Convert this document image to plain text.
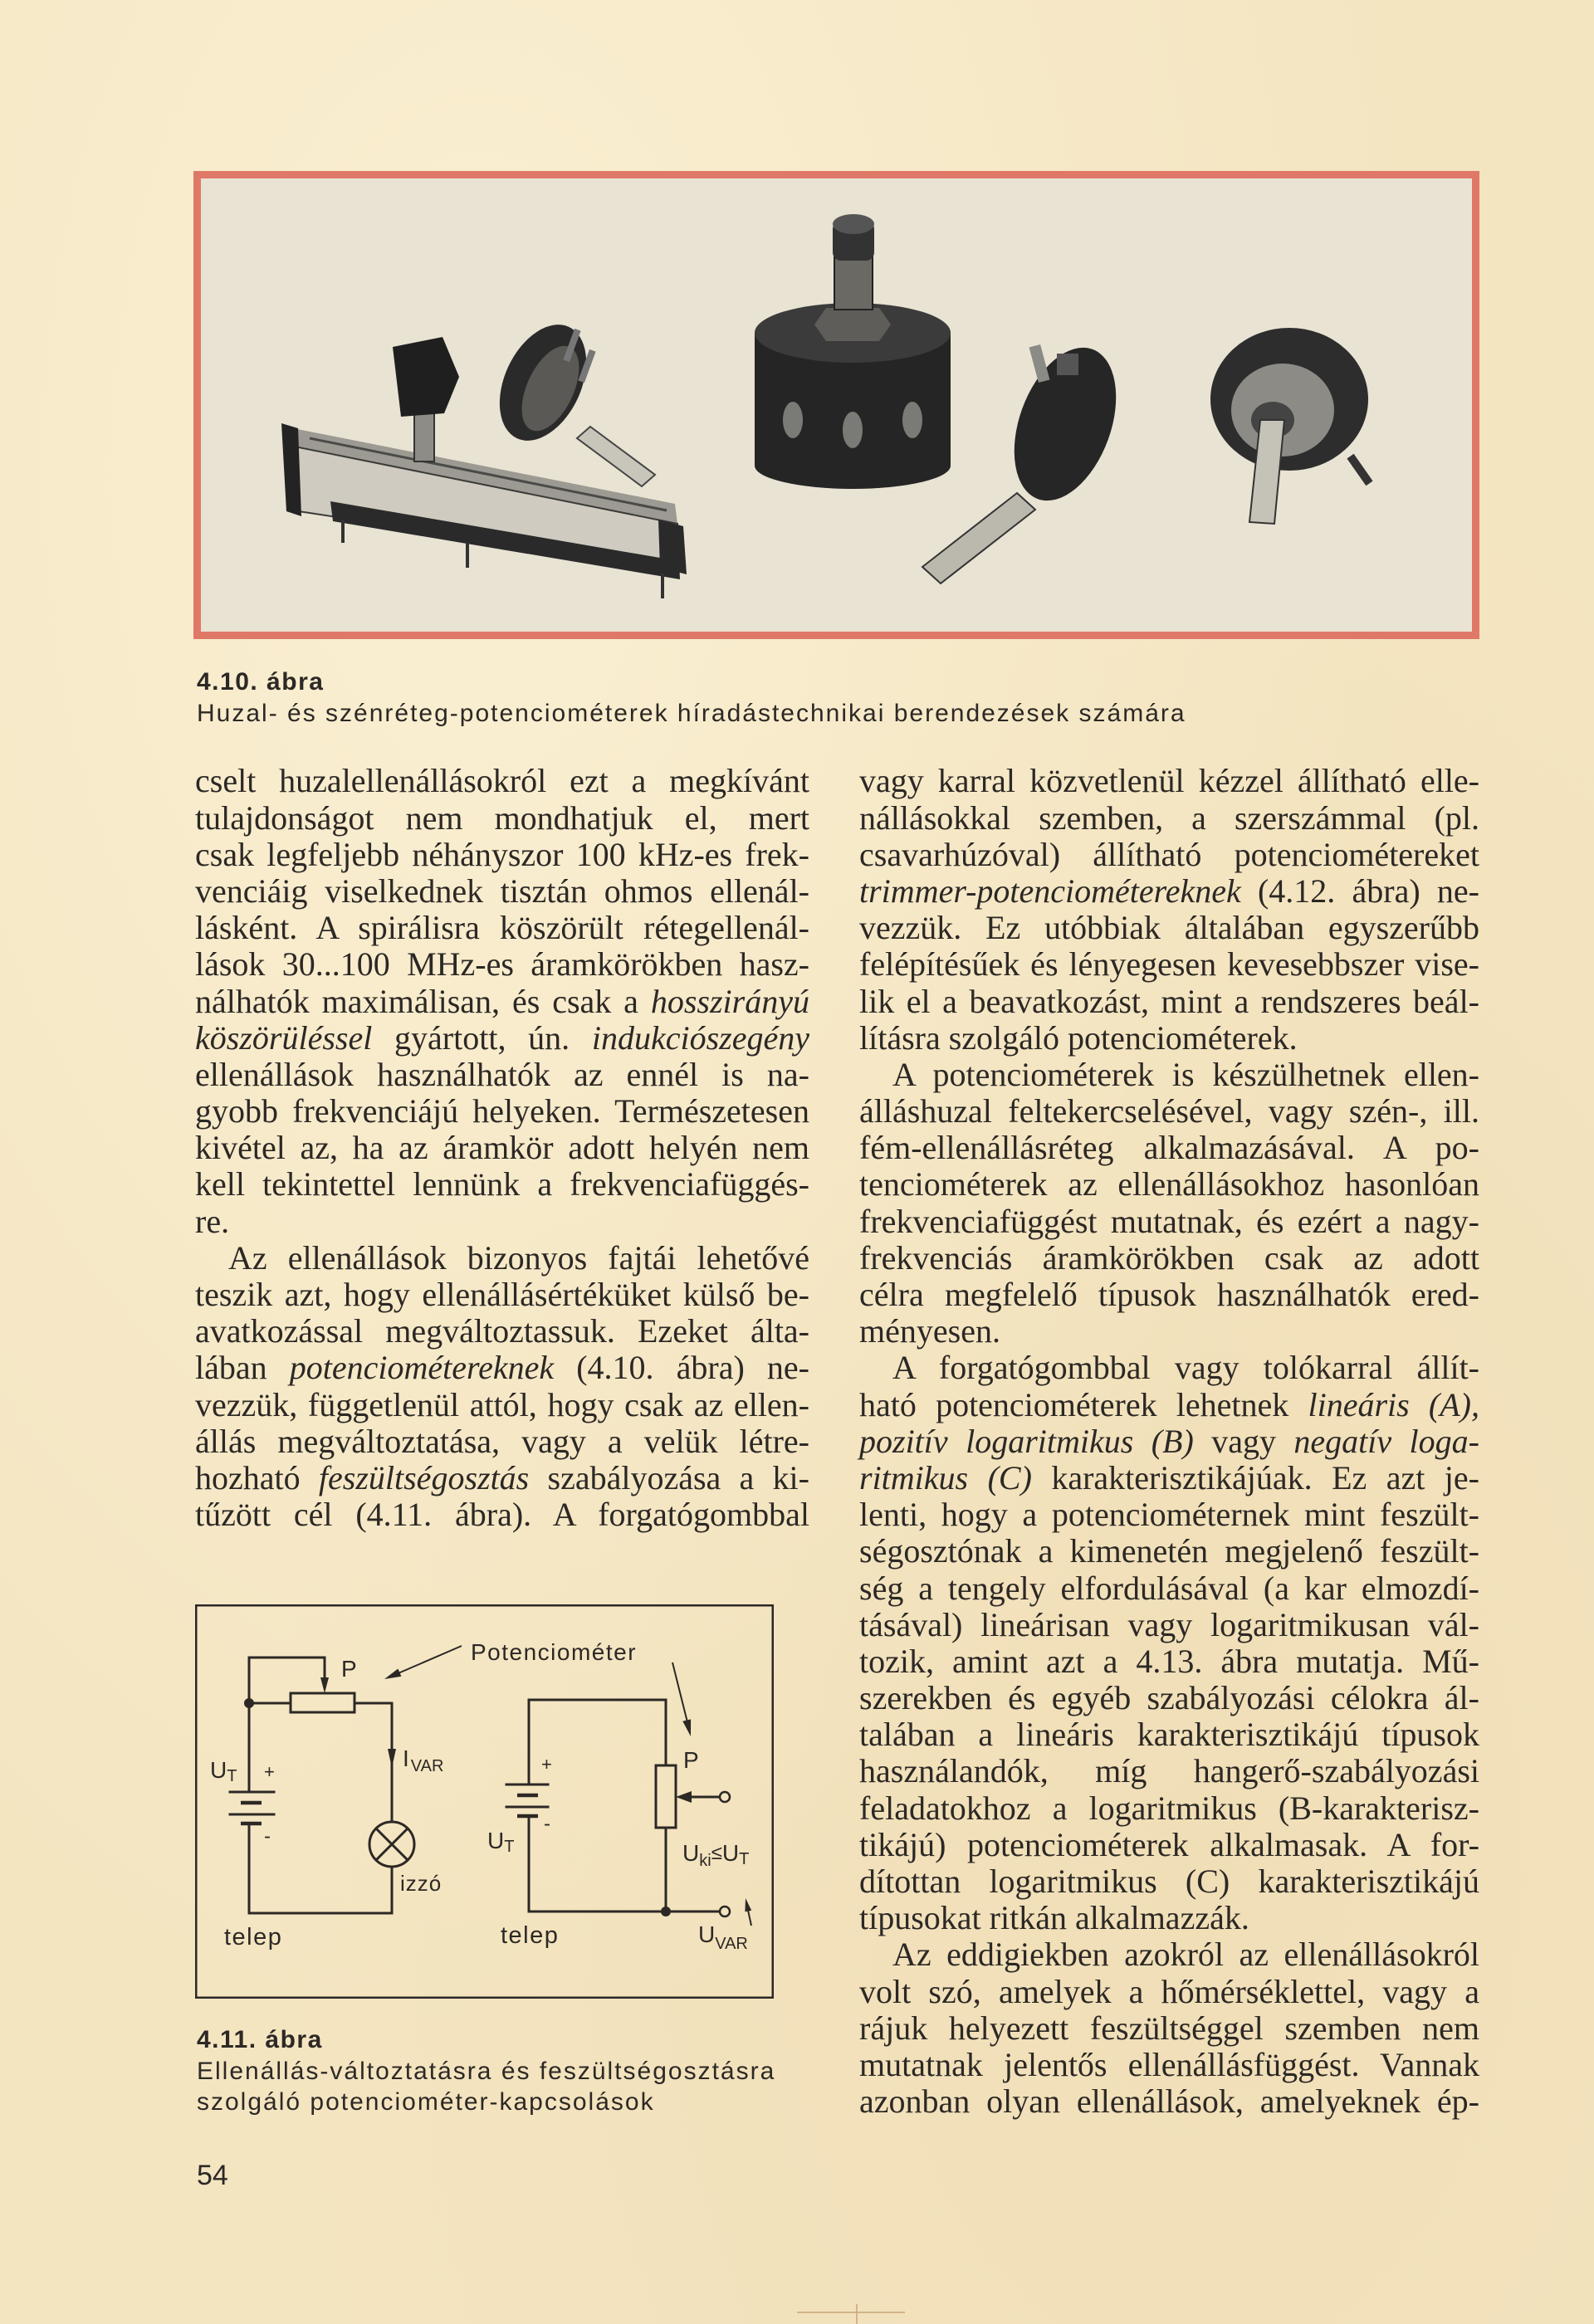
4.10. ábra
Huzal- és szénréteg-potenciométerek híradástechnikai berendezések számára
cselt huzalellenállásokról ezt a megkívánt
tulajdonságot nem mondhatjuk el, mert
csak legfeljebb néhányszor 100 kHz-es frek-
venciáig viselkednek tisztán ohmos ellenál-
lásként. A spirálisra köszörült rétegellenál-
lások 30...100 MHz-es áramkörökben hasz-
nálhatók maximálisan, és csak a hosszirányú
köszörüléssel gyártott, ún. indukciószegény
ellenállások használhatók az ennél is na-
gyobb frekvenciájú helyeken. Természetesen
kivétel az, ha az áramkör adott helyén nem
kell tekintettel lennünk a frekvenciafüggés-
re.
Az ellenállások bizonyos fajtái lehetővé
teszik azt, hogy ellenállásértéküket külső be-
avatkozással megváltoztassuk. Ezeket álta-
lában potenciométereknek (4.10. ábra) ne-
vezzük, függetlenül attól, hogy csak az ellen-
állás megváltoztatása, vagy a velük létre-
hozható feszültségosztás szabályozása a ki-
tűzött cél (4.11. ábra). A forgatógombbal
vagy karral közvetlenül kézzel állítható elle-
nállásokkal szemben, a szerszámmal (pl.
csavarhúzóval) állítható potenciométereket
trimmer-potenciométereknek (4.12. ábra) ne-
vezzük. Ez utóbbiak általában egyszerűbb
felépítésűek és lényegesen kevesebbszer vise-
lik el a beavatkozást, mint a rendszeres beál-
lításra szolgáló potenciométerek.
A potenciométerek is készülhetnek ellen-
álláshuzal feltekercselésével, vagy szén-, ill.
fém-ellenállásréteg alkalmazásával. A po-
tenciométerek az ellenállásokhoz hasonlóan
frekvenciafüggést mutatnak, és ezért a nagy-
frekvenciás áramkörökben csak az adott
célra megfelelő típusok használhatók ered-
ményesen.
A forgatógombbal vagy tolókarral állít-
ható potenciométerek lehetnek lineáris (A),
pozitív logaritmikus (B) vagy negatív loga-
ritmikus (C) karakterisztikájúak. Ez azt je-
lenti, hogy a potenciométernek mint feszült-
ségosztónak a kimenetén megjelenő feszült-
ség a tengely elfordulásával (a kar elmozdí-
tásával) lineárisan vagy logaritmikusan vál-
tozik, amint azt a 4.13. ábra mutatja. Mű-
szerekben és egyéb szabályozási célokra ál-
talában a lineáris karakterisztikájú típusok
használandók, míg hangerő-szabályozási
feladatokhoz a logaritmikus (B-karakterisz-
tikájú) potenciométerek alkalmasak. A for-
dítottan logaritmikus (C) karakterisztikájú
típusokat ritkán alkalmazzák.
Az eddigiekben azokról az ellenállásokról
volt szó, amelyek a hőmérséklettel, vagy a
rájuk helyezett feszültséggel szemben nem
mutatnak jelentős ellenállásfüggést. Vannak
azonban olyan ellenállások, amelyeknek ép-
P
I $_{VAR}$
UT +
-
izzó
telep
Potenciométer
P
UT
+
-
telep
$U_{ki}\le UT$
$U_{VAR}$
4.11. ábra
Ellenállás-változtatásra és feszültségosztásra
szolgáló potenciométer-kapcsolások
54
